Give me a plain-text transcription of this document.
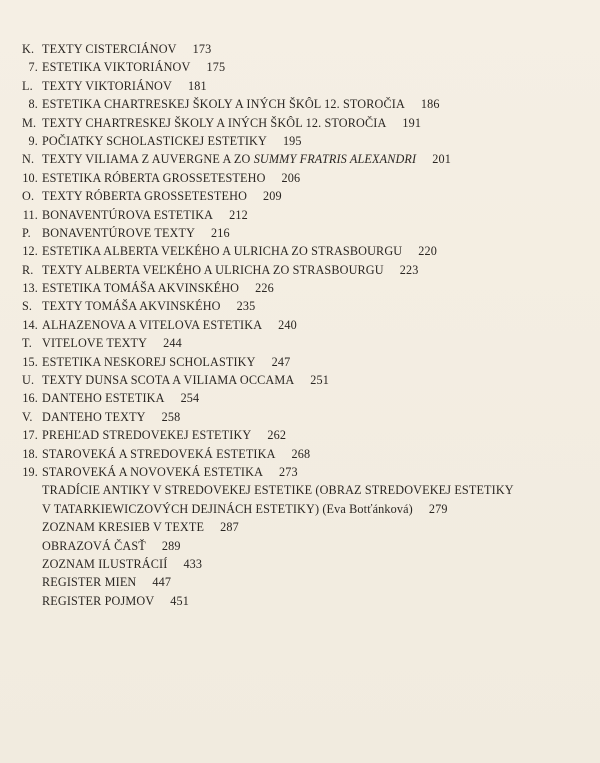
K. TEXTY CISTERCIÁNOV 173
7. ESTETIKA VIKTORIÁNOV 175
L. TEXTY VIKTORIÁNOV 181
8. ESTETIKA CHARTRESKEJ ŠKOLY A INÝCH ŠKÔL 12. STOROČIA 186
M. TEXTY CHARTRESKEJ ŠKOLY A INÝCH ŠKÔL 12. STOROČIA 191
9. POČIATKY SCHOLASTICKEJ ESTETIKY 195
N. TEXTY VILIAMA Z AUVERGNE A ZO SUMMY FRATRIS ALEXANDRI 201
10. ESTETIKA RÓBERTA GROSSETESTEHO 206
O. TEXTY RÓBERTA GROSSETESTEHO 209
11. BONAVENTÚROVA ESTETIKA 212
P. BONAVENTÚROVE TEXTY 216
12. ESTETIKA ALBERTA VEĽKÉHO A ULRICHA ZO STRASBOURGU 220
R. TEXTY ALBERTA VEĽKÉHO A ULRICHA ZO STRASBOURGU 223
13. ESTETIKA TOMÁŠA AKVINSKÉHO 226
S. TEXTY TOMÁŠA AKVINSKÉHO 235
14. ALHAZENOVA A VITELOVA ESTETIKA 240
T. VITELOVE TEXTY 244
15. ESTETIKA NESKOREJ SCHOLASTIKY 247
U. TEXTY DUNSA SCOTA A VILIAMA OCCAMA 251
16. DANTEHO ESTETIKA 254
V. DANTEHO TEXTY 258
17. PREHĽAD STREDOVEKEJ ESTETIKY 262
18. STAROVEKÁ A STREDOVEKÁ ESTETIKA 268
19. STAROVEKÁ A NOVOVEKÁ ESTETIKA 273
TRADÍCIE ANTIKY V STREDOVEKEJ ESTETIKE (OBRAZ STREDOVEKEJ ESTETIKY
V TATARKIEWICZOVÝCH DEJINÁCH ESTETIKY) (Eva Botťánková) 279
ZOZNAM KRESIEB V TEXTE 287
OBRAZOVÁ ČASŤ 289
ZOZNAM ILUSTRÁCIÍ 433
REGISTER MIEN 447
REGISTER POJMOV 451
